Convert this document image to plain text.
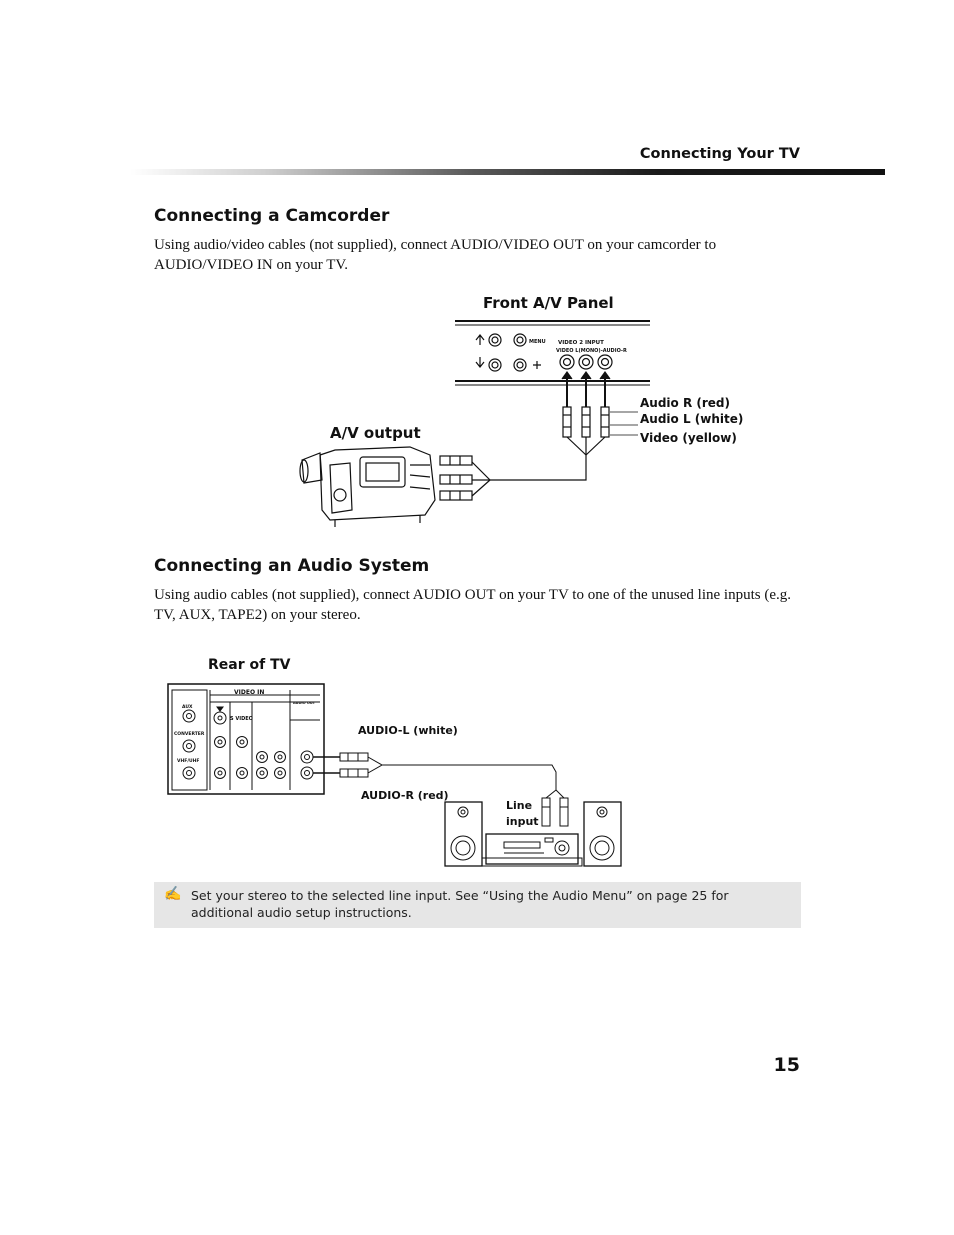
Connecting Your TV
Connecting a Camcorder
Using audio/video cables (not supplied), connect AUDIO/VIDEO OUT on your camcorder to AUDIO/VIDEO IN on your TV.
Front A/V Panel
A/V output
Audio R (red)
Audio L (white)
Video (yellow)
VIDEO 2 INPUT
VIDEO L(MONO)-AUDIO-R
MENU
Connecting an Audio System
Using audio cables (not supplied), connect AUDIO OUT on your TV to one of the unused line inputs (e.g. TV, AUX, TAPE2) on your stereo.
Rear of TV
AUDIO-L (white)
AUDIO-R (red)
Line
input
VIDEO IN
S VIDEO
AUX
CONVERTER
VHF/UHF
AUDIO OUT
✍ Set your stereo to the selected line input. See “Using the Audio Menu” on page 25 for additional audio setup instructions.
15
